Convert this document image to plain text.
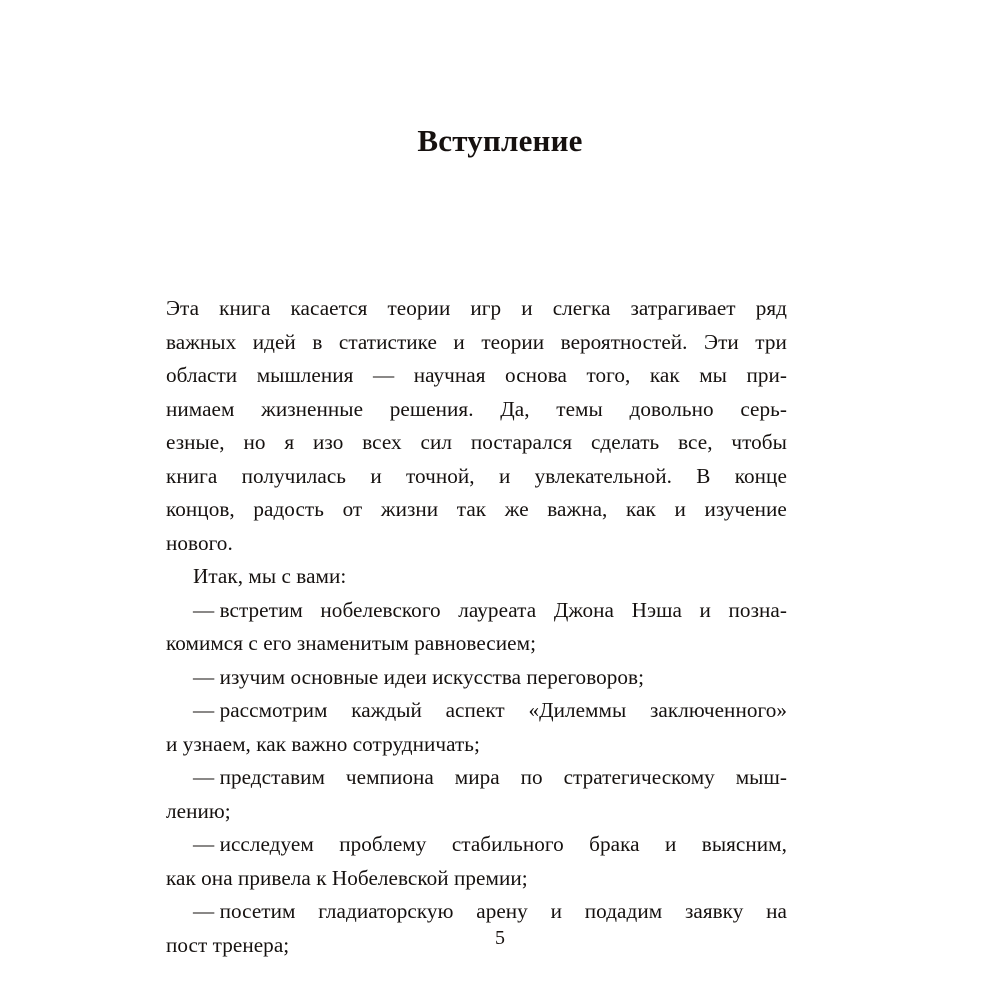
Вступление
Эта книга касается теории игр и слегка затрагивает ряд
важных идей в статистике и теории вероятностей. Эти три
области мышления — научная основа того, как мы при-
нимаем жизненные решения. Да, темы довольно серь-
езные, но я изо всех сил постарался сделать все, чтобы
книга получилась и точной, и увлекательной. В конце
концов, радость от жизни так же важна, как и изучение
нового.
Итак, мы с вами:
— встретим нобелевского лауреата Джона Нэша и позна-
комимся с его знаменитым равновесием;
— изучим основные идеи искусства переговоров;
— рассмотрим каждый аспект «Дилеммы заключенного»
и узнаем, как важно сотрудничать;
— представим чемпиона мира по стратегическому мыш-
лению;
— исследуем проблему стабильного брака и выясним,
как она привела к Нобелевской премии;
— посетим гладиаторскую арену и подадим заявку на
пост тренера;	5
